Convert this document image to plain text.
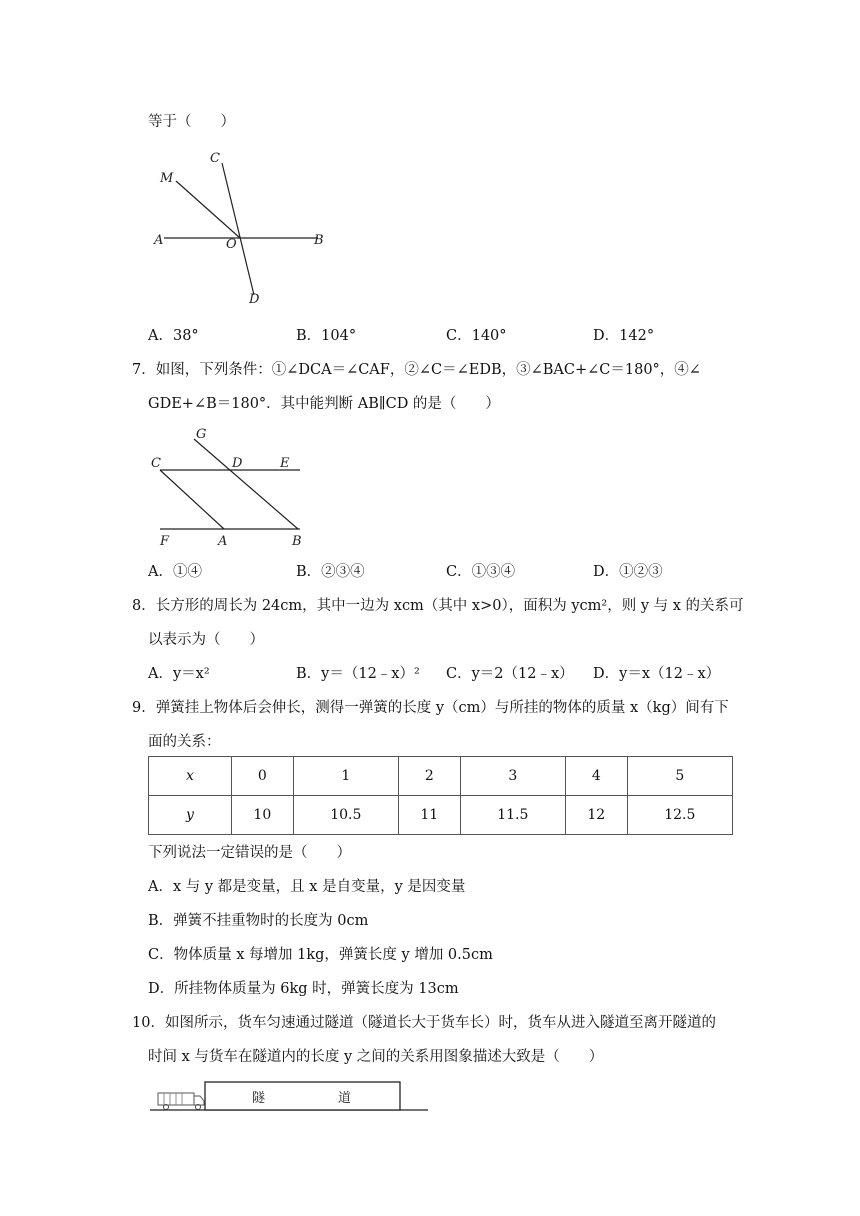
等于（　　）
C
M
A	O	B
D
A．38°	B．104°	C．140°	D．142°
7．如图，下列条件：①∠DCA＝∠CAF，②∠C＝∠EDB，③∠BAC+∠C＝180°，④∠
GDE+∠B＝180°．其中能判断 AB∥CD 的是（　　）
G
C	D	E
F	A	B
A．①④	B．②③④	C．①③④	D．①②③
8．长方形的周长为 24cm，其中一边为 xcm（其中 x>0），面积为 ycm²，则 y 与 x 的关系可
以表示为（　　）
A．y＝x²	B．y＝（12﹣x）² C．y＝2（12﹣x） D．y＝x（12﹣x）
9．弹簧挂上物体后会伸长，测得一弹簧的长度 y（cm）与所挂的物体的质量 x（kg）间有下
面的关系：
x	0	1	2	3	4	5
y	10	10.5	11	11.5	12	12.5
下列说法一定错误的是（　　）
A．x 与 y 都是变量，且 x 是自变量，y 是因变量
B．弹簧不挂重物时的长度为 0cm
C．物体质量 x 每增加 1kg，弹簧长度 y 增加 0.5cm
D．所挂物体质量为 6kg 时，弹簧长度为 13cm
10．如图所示，货车匀速通过隧道（隧道长大于货车长）时，货车从进入隧道至离开隧道的
时间 x 与货车在隧道内的长度 y 之间的关系用图象描述大致是（　　）
隧	道
